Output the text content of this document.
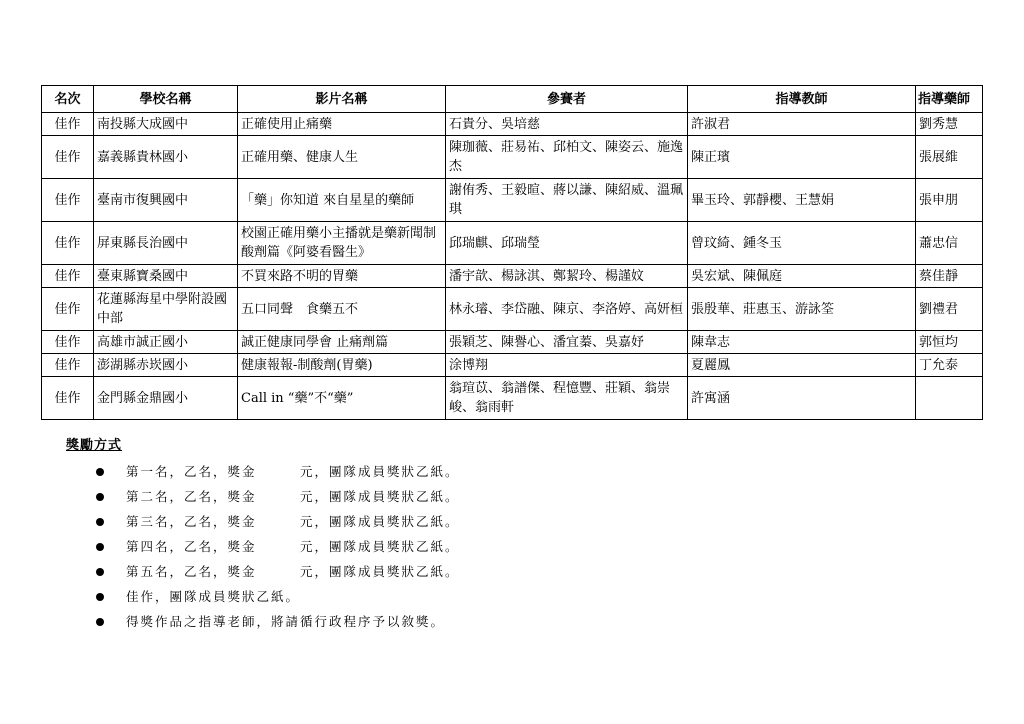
名次	學校名稱	影片名稱	參賽者	指導教師	指導藥師
佳作	南投縣大成國中	正確使用止痛藥	石貴分、吳培慈	許淑君	劉秀慧
佳作	嘉義縣貴林國小	正確用藥、健康人生	陳珈薇、莊易祐、邱柏文、陳姿云、施逸杰	陳正璸	張展維
佳作	臺南市復興國中	「藥」你知道 來自星星的藥師	謝侑秀、王毅暄、蔣以謙、陳紹威、溫珮琪	畢玉玲、郭靜櫻、王慧娟	張申朋
佳作	屏東縣長治國中	校園正確用藥小主播就是藥新聞制酸劑篇《阿婆看醫生》	邱瑞麒、邱瑞瑩	曾玟綺、鍾冬玉	蕭忠信
佳作	臺東縣寶桑國中	不買來路不明的胃藥	潘宇歆、楊詠淇、鄭絜玲、楊謹妏	吳宏斌、陳佩庭	蔡佳靜
佳作	花蓮縣海星中學附設國中部	五口同聲　食藥五不	林永璿、李岱融、陳京、李洛婷、高妍桓	張殷華、莊惠玉、游詠筌	劉禮君
佳作	高雄市誠正國小	誠正健康同學會 止痛劑篇	張穎芝、陳譽心、潘宜蓁、吳嘉妤	陳韋志	郭恒均
佳作	澎湖縣赤崁國小	健康報報-制酸劑(胃藥)	涂博翔	夏麗鳳	丁允泰
佳作	金門縣金鼎國小	Call in “藥”不“藥”	翁瑄苡、翁譜傑、程憶豐、莊穎、翁崇峻、翁雨軒	許寓涵	
獎勵方式
第一名，乙名，獎金　　　元，團隊成員獎狀乙紙。
第二名，乙名，獎金　　　元，團隊成員獎狀乙紙。
第三名，乙名，獎金　　　元，團隊成員獎狀乙紙。
第四名，乙名，獎金　　　元，團隊成員獎狀乙紙。
第五名，乙名，獎金　　　元，團隊成員獎狀乙紙。
佳作，團隊成員獎狀乙紙。
得獎作品之指導老師，將請循行政程序予以敘獎。
